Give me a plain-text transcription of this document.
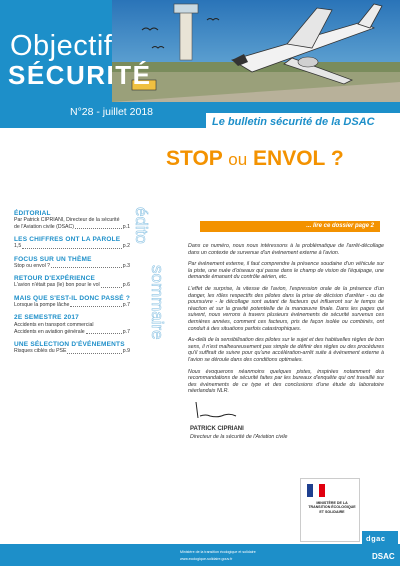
Objectif
SÉCURITÉ
N°28 - juillet 2018
Le bulletin sécurité de la DSAC
STOP ou ENVOL ?
ÉDITORIAL
Par Patrick CIPRIANI, Directeur de la sécurité
de l'Aviation civile (DSAC)	p.1
LES CHIFFRES ONT LA PAROLE
1,5	p.2
FOCUS SUR UN THÈME
Stop ou envol ?	p.3
RETOUR D'EXPÉRIENCE
L'avion n'était pas (le) bon pour le vol	p.6
MAIS QUE S'EST-IL DONC PASSÉ ?
Lorsque la pompe lâche	p.7
2E SEMESTRE 2017
Accidents en transport commercial
Accidents en aviation générale	p.7
UNE SÉLECTION D'ÉVÉNEMENTS
Risques ciblés du PSE	p.9
édito
sommaire
... lire ce dossier page 2

Dans ce numéro, nous nous intéressons à la problématique de l'arrêt-décollage dans un contexte de survenue d'un événement externe à l'avion.

Par événement externe, il faut comprendre la présence soudaine d'un véhicule sur la piste, une nuée d'oiseaux qui passe dans le champ de vision de l'équipage, une demande émanant du contrôle aérien, etc.

L'effet de surprise, la vitesse de l'avion, l'expression orale de la présence d'un danger, les rôles respectifs des pilotes dans la prise de décision d'arrêter - ou de poursuivre - le décollage sont autant de facteurs qui influeront sur le temps de réaction et sur la gravité potentielle de la manœuvre finale. Dans les pages qui suivent, nous verrons à travers plusieurs événements de sécurité survenus ces dernières années, comment ces facteurs, pris de façon isolée ou combinés, ont conduit à des situations parfois catastrophiques.

Au-delà de la sensibilisation des pilotes sur le sujet et des habituelles règles de bon sens, il n'est malheureusement pas simple de définir des règles ou des procédures qu'il suffirait de suivre pour qu'une accélération-arrêt suite à événement externe à l'avion se déroule dans des conditions optimales.

Nous évoquerons néanmoins quelques pistes, inspirées notamment des recommandations de sécurité faites par les bureaux d'enquête qui ont travaillé sur des événements de ce type et des conclusions d'une étude du laboratoire néerlandais NLR.

PATRICK CIPRIANI
Directeur de la sécurité de l'Aviation civile
MINISTÈRE DE LA TRANSITION ÉCOLOGIQUE ET SOLIDAIRE
dgac
Ministère de la transition écologique et solidaire
www.ecologique-solidaire.gouv.fr	DSAC
